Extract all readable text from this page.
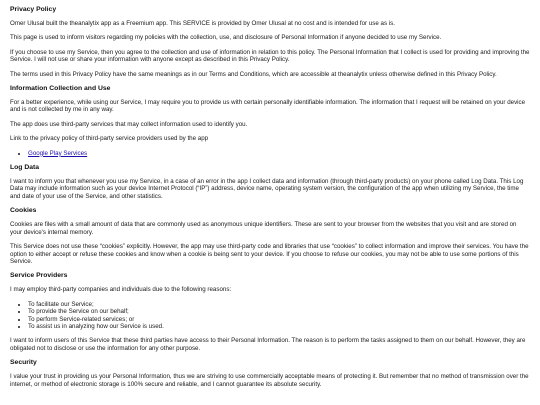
Privacy Policy

Omer Ulusal built the theanalytix app as a Freemium app. This SERVICE is provided by Omer Ulusal at no cost and is intended for use as is.

This page is used to inform visitors regarding my policies with the collection, use, and disclosure of Personal Information if anyone decided to use my Service.

If you choose to use my Service, then you agree to the collection and use of information in relation to this policy. The Personal Information that I collect is used for providing and improving the Service. I will not use or share your information with anyone except as described in this Privacy Policy.

The terms used in this Privacy Policy have the same meanings as in our Terms and Conditions, which are accessible at theanalytix unless otherwise defined in this Privacy Policy.

Information Collection and Use

For a better experience, while using our Service, I may require you to provide us with certain personally identifiable information. The information that I request will be retained on your device and is not collected by me in any way.

The app does use third-party services that may collect information used to identify you.

Link to the privacy policy of third-party service providers used by the app

• Google Play Services
Log Data

I want to inform you that whenever you use my Service, in a case of an error in the app I collect data and information (through third-party products) on your phone called Log Data. This Log Data may include information such as your device Internet Protocol (“IP”) address, device name, operating system version, the configuration of the app when utilizing my Service, the time and date of your use of the Service, and other statistics.

Cookies

Cookies are files with a small amount of data that are commonly used as anonymous unique identifiers. These are sent to your browser from the websites that you visit and are stored on your device's internal memory.

This Service does not use these “cookies” explicitly. However, the app may use third-party code and libraries that use “cookies” to collect information and improve their services. You have the option to either accept or refuse these cookies and know when a cookie is being sent to your device. If you choose to refuse our cookies, you may not be able to use some portions of this Service.

Service Providers

I may employ third-party companies and individuals due to the following reasons:

• To facilitate our Service;
• To provide the Service on our behalf;
• To perform Service-related services; or
• To assist us in analyzing how our Service is used.

I want to inform users of this Service that these third parties have access to their Personal Information. The reason is to perform the tasks assigned to them on our behalf. However, they are obligated not to disclose or use the information for any other purpose.

Security

I value your trust in providing us your Personal Information, thus we are striving to use commercially acceptable means of protecting it. But remember that no method of transmission over the internet, or method of electronic storage is 100% secure and reliable, and I cannot guarantee its absolute security.
